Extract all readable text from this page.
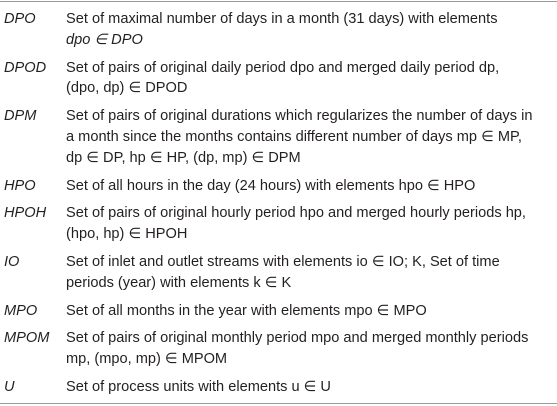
DPO	Set of maximal number of days in a month (31 days) with elements
dpo ∈ DPO

DPOD	Set of pairs of original daily period dpo and merged daily period dp,
(dpo, dp) ∈ DPOD

DPM	Set of pairs of original durations which regularizes the number of days in
a month since the months contains different number of days mp ∈ MP,
dp ∈ DP, hp ∈ HP, (dp, mp) ∈ DPM

HPO	Set of all hours in the day (24 hours) with elements hpo ∈ HPO

HPOH	Set of pairs of original hourly period hpo and merged hourly periods hp,
(hpo, hp) ∈ HPOH

IO	Set of inlet and outlet streams with elements io ∈ IO; K, Set of time
periods (year) with elements k ∈ K

MPO	Set of all months in the year with elements mpo ∈ MPO

MPOM	Set of pairs of original monthly period mpo and merged monthly periods
mp, (mpo, mp) ∈ MPOM

U	Set of process units with elements u ∈ U
